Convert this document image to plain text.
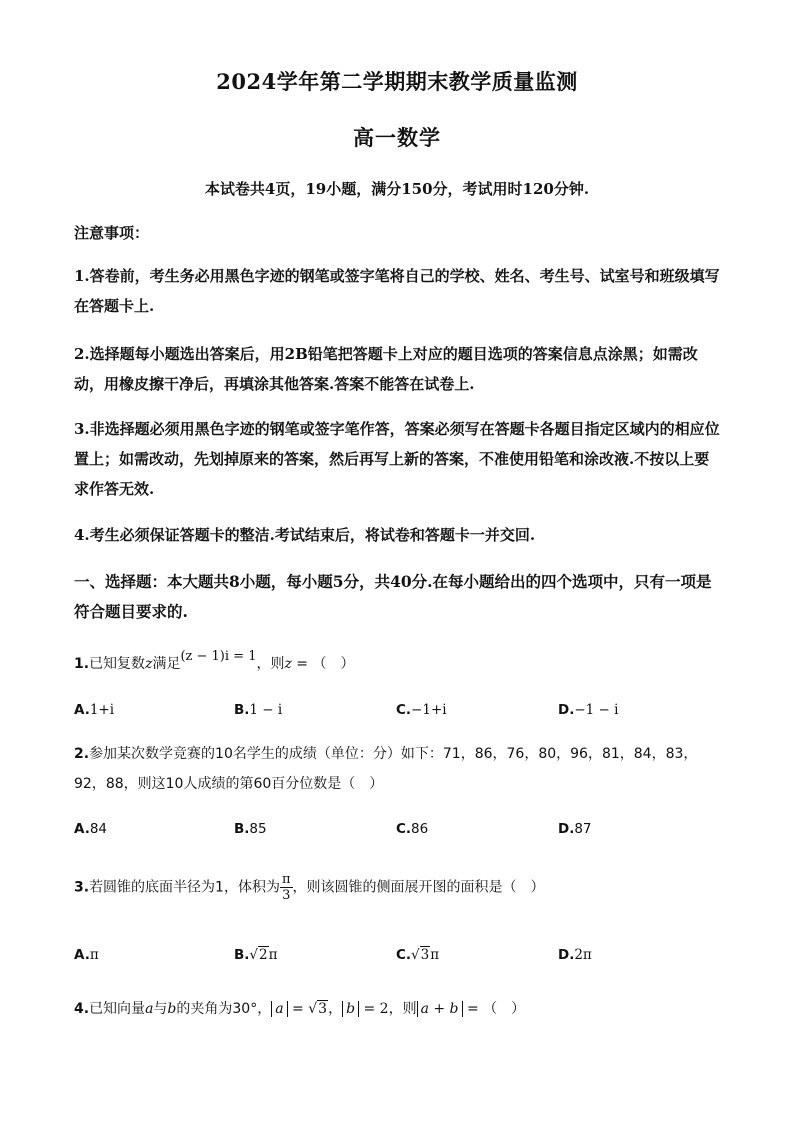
2024学年第二学期期末教学质量监测
高一数学
本试卷共4页，19小题，满分150分，考试用时120分钟.
注意事项：
1.答卷前，考生务必用黑色字迹的钢笔或签字笔将自己的学校、姓名、考生号、试室号和班级填写在答题卡上.
2.选择题每小题选出答案后，用2B铅笔把答题卡上对应的题目选项的答案信息点涂黑；如需改动，用橡皮擦干净后，再填涂其他答案.答案不能答在试卷上.
3.非选择题必须用黑色字迹的钢笔或签字笔作答，答案必须写在答题卡各题目指定区域内的相应位置上；如需改动，先划掉原来的答案，然后再写上新的答案，不准使用铅笔和涂改液.不按以上要求作答无效.
4.考生必须保证答题卡的整洁.考试结束后，将试卷和答题卡一并交回.
一、选择题：本大题共8小题，每小题5分，共40分.在每小题给出的四个选项中，只有一项是符合题目要求的.
1.已知复数z满足(z − 1)i = 1，则z = （　）
A.1+i	B.1 − i	C.−1+i	D.−1 − i
2.参加某次数学竞赛的10名学生的成绩（单位：分）如下：71，86，76，80，96，81，84，83，92，88，则这10人成绩的第60百分位数是（　）
A.84	B.85	C.86	D.87
3.若圆锥的底面半径为1，体积为 $\frac{\pi}{3}$ ，则该圆锥的侧面展开图的面积是（　）
A.π	B.√2π	C.√3π	D.2π
4.已知向量a与b的夹角为30°， a = √3， b = 2，则 a + b = （　）
